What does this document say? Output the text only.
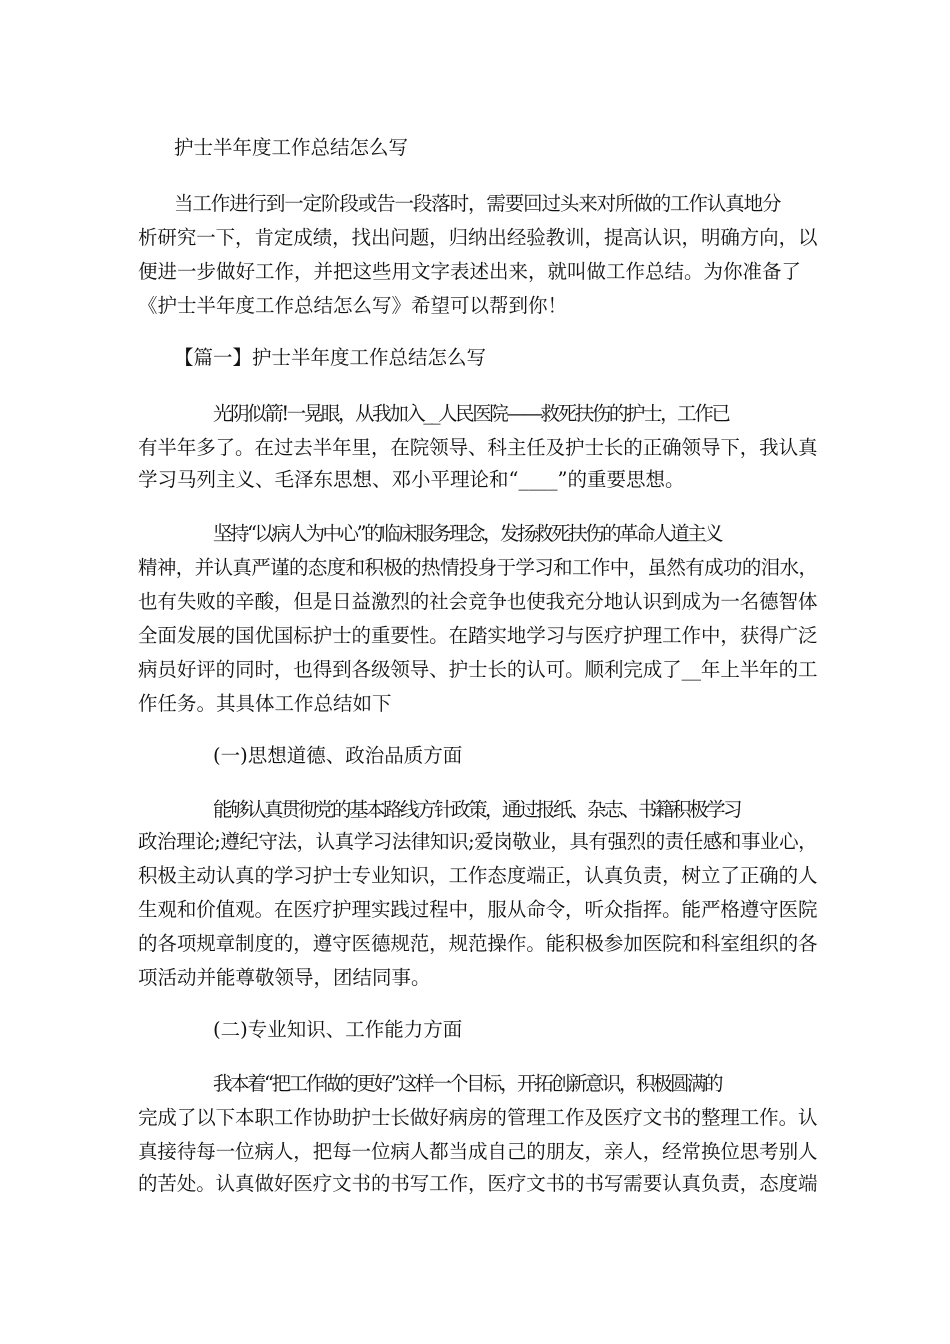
护士半年度工作总结怎么写
当工作进行到一定阶段或告一段落时，需要回过头来对所做的工作认真地分
析研究一下，肯定成绩，找出问题，归纳出经验教训，提高认识，明确方向，以
便进一步做好工作，并把这些用文字表述出来，就叫做工作总结。为你准备了
《护士半年度工作总结怎么写》希望可以帮到你！
【篇一】护士半年度工作总结怎么写
光阴似箭!一晃眼，从我加入__人民医院——救死扶伤的护士，工作已
有半年多了。在过去半年里，在院领导、科主任及护士长的正确领导下，我认真
学习马列主义、毛泽东思想、邓小平理论和“____”的重要思想。
坚持“以病人为中心”的临床服务理念，发扬救死扶伤的革命人道主义
精神，并认真严谨的态度和积极的热情投身于学习和工作中，虽然有成功的泪水，
也有失败的辛酸，但是日益激烈的社会竞争也使我充分地认识到成为一名德智体
全面发展的国优国标护士的重要性。在踏实地学习与医疗护理工作中，获得广泛
病员好评的同时，也得到各级领导、护士长的认可。顺利完成了__年上半年的工
作任务。其具体工作总结如下
(一)思想道德、政治品质方面
能够认真贯彻党的基本路线方针政策，通过报纸、杂志、书籍积极学习
政治理论;遵纪守法，认真学习法律知识;爱岗敬业，具有强烈的责任感和事业心，
积极主动认真的学习护士专业知识，工作态度端正，认真负责，树立了正确的人
生观和价值观。在医疗护理实践过程中，服从命令，听众指挥。能严格遵守医院
的各项规章制度的，遵守医德规范，规范操作。能积极参加医院和科室组织的各
项活动并能尊敬领导，团结同事。
(二)专业知识、工作能力方面
我本着“把工作做的更好”这样一个目标，开拓创新意识，积极圆满的
完成了以下本职工作协助护士长做好病房的管理工作及医疗文书的整理工作。认
真接待每一位病人，把每一位病人都当成自己的朋友，亲人，经常换位思考别人
的苦处。认真做好医疗文书的书写工作，医疗文书的书写需要认真负责，态度端
